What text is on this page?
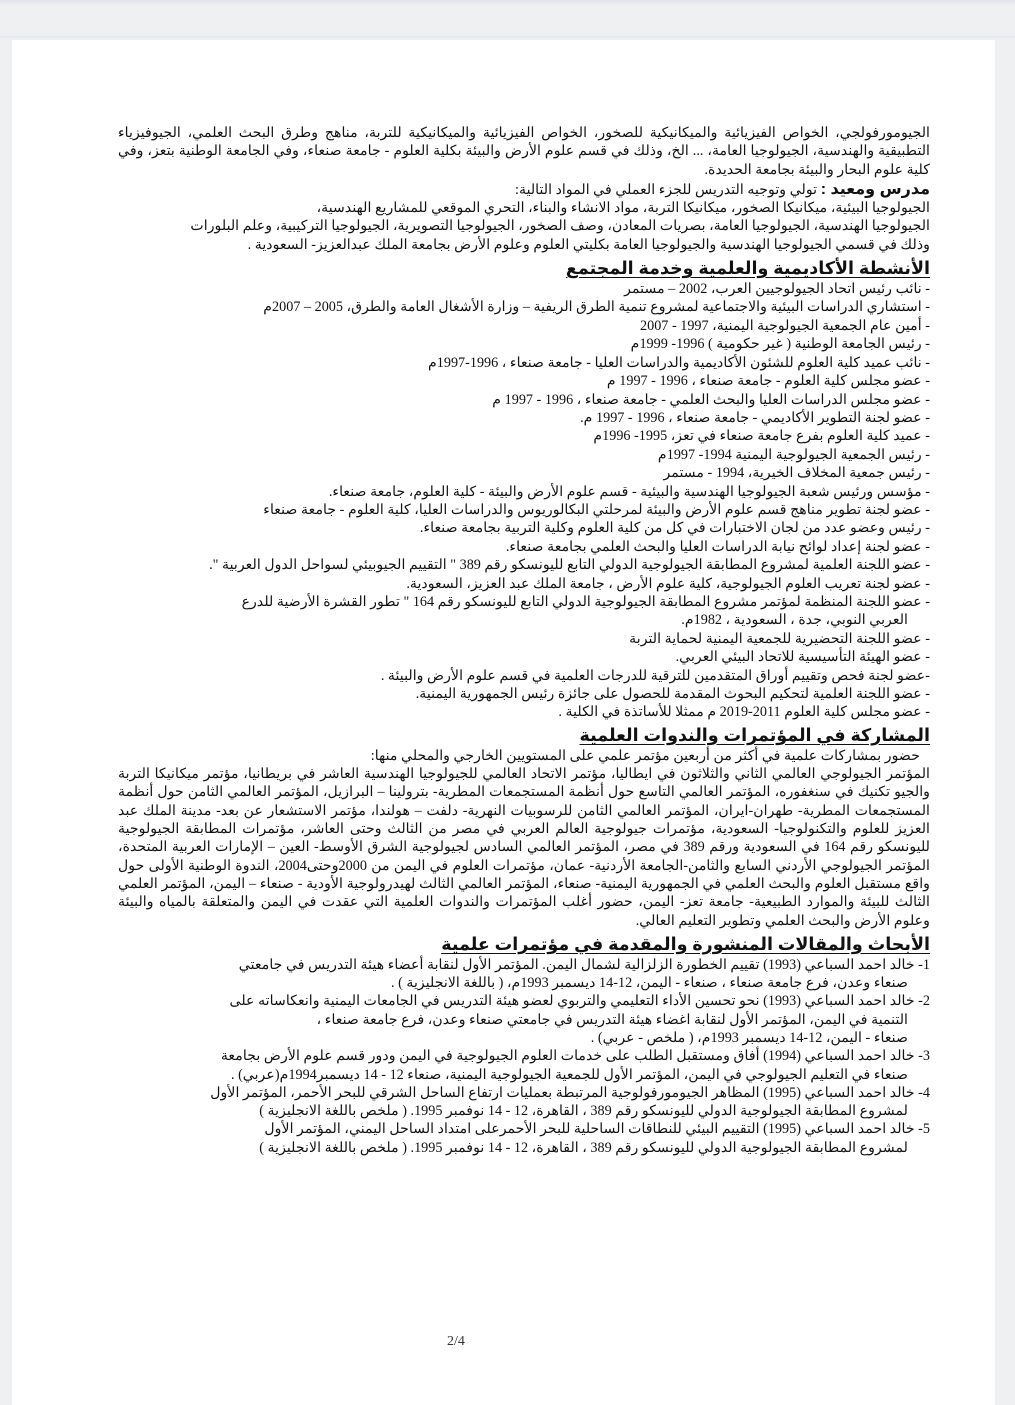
الجيومورفولجي، الخواص الفيزيائية والميكانيكية للصخور، الخواص الفيزيائية والميكانيكية للتربة، مناهج وطرق البحث العلمي، الجيوفيزياء التطبيقية والهندسية، الجيولوجيا العامة، ... الخ، وذلك في قسم علوم الأرض والبيئة بكلية العلوم - جامعة صنعاء، وفي الجامعة الوطنية بتعز، وفي كلية علوم البحار والبيئة بجامعة الحديدة.

مدرس ومعيد : تولي وتوجيه التدريس للجزء العملي في المواد التالية:

الجيولوجيا البيئية، ميكانيكا الصخور، ميكانيكا التربة، مواد الانشاء والبناء، التحري الموقعي للمشاريع الهندسية،

الجيولوجيا الهندسية، الجيولوجيا العامة، بصريات المعادن، وصف الصخور، الجيولوجيا التصويرية، الجيولوجيا التركيبية، وعلم البلورات

وذلك في قسمي الجيولوجيا الهندسية والجيولوجيا العامة بكليتي العلوم وعلوم الأرض بجامعة الملك عبدالعزيز- السعودية .

الأنشطة الأكاديمية والعلمية وخدمة المجتمع
- نائب رئيس اتحاد الجيولوجيين العرب، 2002 – مستمر
- استشاري الدراسات البيئية والاجتماعية لمشروع تنمية الطرق الريفية – وزارة الأشغال العامة والطرق، 2005 – 2007م
- أمين عام الجمعية الجيولوجية اليمنية، 1997 - 2007
- رئيس الجامعة الوطنية ( غير حكومية ) 1996- 1999م
- نائب عميد كلية العلوم للشئون الأكاديمية والدراسات العليا - جامعة صنعاء ، 1996-1997م
- عضو مجلس كلية العلوم - جامعة صنعاء ، 1996 - 1997 م
- عضو مجلس الدراسات العليا والبحث العلمي - جامعة صنعاء ، 1996 - 1997 م
- عضو لجنة التطوير الأكاديمي - جامعة صنعاء ، 1996 - 1997 م.
- عميد كلية العلوم بفرع جامعة صنعاء في تعز، 1995- 1996م
- رئيس الجمعية الجيولوجية اليمنية 1994- 1997م
- رئيس جمعية المخلاف الخيرية، 1994 - مستمر
- مؤسس ورئيس شعبة الجيولوجيا الهندسية والبيئية - قسم علوم الأرض والبيئة - كلية العلوم، جامعة صنعاء.
- عضو لجنة تطوير مناهج قسم علوم الأرض والبيئة لمرحلتي البكالوريوس والدراسات العليا، كلية العلوم - جامعة صنعاء
- رئيس وعضو عدد من لجان الاختبارات في كل من كلية العلوم وكلية التربية بجامعة صنعاء.
- عضو لجنة إعداد لوائح نيابة الدراسات العليا والبحث العلمي بجامعة صنعاء.
- عضو اللجنة العلمية لمشروع المطابقة الجيولوجية الدولي التابع لليونسكو رقم 389 " التقييم الجيوبيئي لسواحل الدول العربية ".
- عضو لجنة تعريب العلوم الجيولوجية، كلية علوم الأرض ، جامعة الملك عبد العزيز، السعودية.
- عضو اللجنة المنظمة لمؤتمر مشروع المطابقة الجيولوجية الدولي التابع لليونسكو رقم 164 " تطور القشرة الأرضية للدرع
العربي النوبي، جدة ، السعودية ، 1982م.
- عضو اللجنة التحضيرية للجمعية اليمنية لحماية التربة
- عضو الهيئة التأسيسية للاتحاد البيئي العربي.
-عضو لجنة فحص وتقييم أوراق المتقدمين للترقية للدرجات العلمية في قسم علوم الأرض والبيئة .
- عضو اللجنة العلمية لتحكيم البحوث المقدمة للحصول على جائزة رئيس الجمهورية اليمنية.
- عضو مجلس كلية العلوم 2011-2019 م ممثلا للأساتذة في الكلية .
المشاركة في المؤتمرات والندوات العلمية

حضور بمشاركات علمية في أكثر من أربعين مؤتمر علمي على المستويين الخارجي والمحلي منها:

المؤتمر الجيولوجي العالمي الثاني والثلاثون في ايطاليا، مؤتمر الاتحاد العالمي للجيولوجيا الهندسية العاشر في بريطانيا، مؤتمر ميكانيكا التربة والجيو تكنيك في سنغفوره، المؤتمر العالمي التاسع حول أنظمة المستجمعات المطرية- بترولينا – البرازيل، المؤتمر العالمي الثامن حول أنظمة المستجمعات المطرية- طهران-ايران، المؤتمر العالمي الثامن للرسوبيات النهرية- دلفت – هولندا، مؤتمر الاستشعار عن بعد- مدينة الملك عبد العزيز للعلوم والتكنولوجيا- السعودية، مؤتمرات جيولوجية العالم العربي في مصر من الثالث وحتى العاشر، مؤتمرات المطابقة الجيولوجية لليونسكو رقم 164 في السعودية ورقم 389 في مصر، المؤتمر العالمي السادس لجيولوجية الشرق الأوسط- العين – الإمارات العربية المتحدة، المؤتمر الجيولوجي الأردني السابع والثامن-الجامعة الأردنية- عمان، مؤتمرات العلوم في اليمن من 2000وحتى2004، الندوة الوطنية الأولى حول واقع مستقبل العلوم والبحث العلمي في الجمهورية اليمنية- صنعاء، المؤتمر العالمي الثالث لهيدرولوجية الأودية - صنعاء – اليمن، المؤتمر العلمي الثالث للبيئة والموارد الطبيعية- جامعة تعز- اليمن، حضور أغلب المؤتمرات والندوات العلمية التي عقدت في اليمن والمتعلقة بالمياه والبيئة وعلوم الأرض والبحث العلمي وتطوير التعليم العالي.

الأبحاث والمقالات المنشورة والمقدمة في مؤتمرات علمية

1- خالد احمد السباعي (1993) تقييم الخطورة الزلزالية لشمال اليمن. المؤتمر الأول لنقابة أعضاء هيئة التدريس في جامعتي

صنعاء وعدن، فرع جامعة صنعاء ، صنعاء - اليمن، 12-14 ديسمبر 1993م، ( باللغة الانجليزية ) .

2- خالد احمد السباعي (1993) نحو تحسين الأداء التعليمي والتربوي لعضو هيئة التدريس في الجامعات اليمنية وانعكاساته على

التنمية في اليمن، المؤتمر الأول لنقابة اغضاء هيئة التدريس في جامعتي صنعاء وعدن، فرع جامعة صنعاء ،

صنعاء - اليمن، 12-14 ديسمبر 1993م، ( ملخص - عربي) .

3- خالد احمد السباعي (1994) أفاق ومستقبل الطلب على خدمات العلوم الجيولوجية في اليمن ودور قسم علوم الأرض بجامعة

صنعاء في التعليم الجيولوجي في اليمن، المؤتمر الأول للجمعية الجيولوجية اليمنية، صنعاء 12 - 14 ديسمبر1994م(عربي) .

4- خالد احمد السباعي (1995) المظاهر الجيومورفولوجية المرتبطة بعمليات ارتفاع الساحل الشرقي للبحر الأحمر، المؤتمر الأول

لمشروع المطابقة الجيولوجية الدولي لليونسكو رقم 389 ، القاهرة، 12 - 14 نوفمبر 1995. ( ملخص باللغة الانجليزية )

5- خالد احمد السباعي (1995) التقييم البيئي للنطاقات الساحلية للبحر الأحمرعلى امتداد الساحل اليمني، المؤتمر الأول

لمشروع المطابقة الجيولوجية الدولي لليونسكو رقم 389 ، القاهرة، 12 - 14 نوفمبر 1995. ( ملخص باللغة الانجليزية )

2/4
